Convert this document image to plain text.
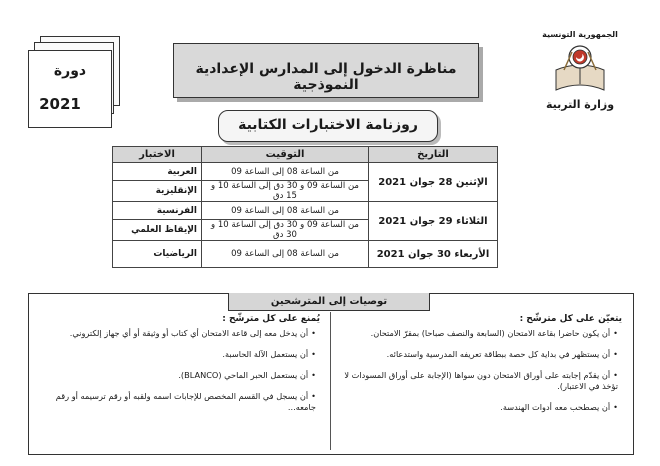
دورة
2021
مناظرة الدخول إلى المدارس الإعدادية النموذجية
الجمهورية التونسية
وزارة التربية
روزنامة الاختبارات الكتابية
التاريخ	التوقيت	الاختبار
الإثنين 28 جوان 2021	من الساعة 08 إلى الساعة 09	العربية
	من الساعة 09 و 30 دق إلى الساعة 10 و 15 دق	الإنقليزية
الثلاثاء 29 جوان 2021	من الساعة 08 إلى الساعة 09	الفرنسية
	من الساعة 09 و 30 دق إلى الساعة 10 و 30 دق	الإيقاظ العلمي
الأربعاء 30 جوان 2021	من الساعة 08 إلى الساعة 09	الرياضيات
توصيات إلى المترشحين
يتعيّن على كل مترشّح :
• أن يكون حاضرا بقاعة الامتحان (السابعة والنصف صباحا) بمقرّ الامتحان.
• أن يستظهر في بداية كل حصة ببطاقة تعريفه المدرسية واستدعائه.
• أن يقدّم إجابته على أوراق الامتحان دون سواها (الإجابة على أوراق المسودات لا تؤخذ في الاعتبار).
• أن يصطحب معه أدوات الهندسة.
يُمنع على كل مترشّح :
• أن يدخل معه إلى قاعة الامتحان أي كتاب أو وثيقة أو أي جهاز إلكتروني.
• أن يستعمل الآلة الحاسبة.
• أن يستعمل الحبر الماحي (BLANCO).
• أن يسجل في القسم المخصص للإجابات اسمه ولقبه أو رقم ترسيمه أو رقم جامعه...
